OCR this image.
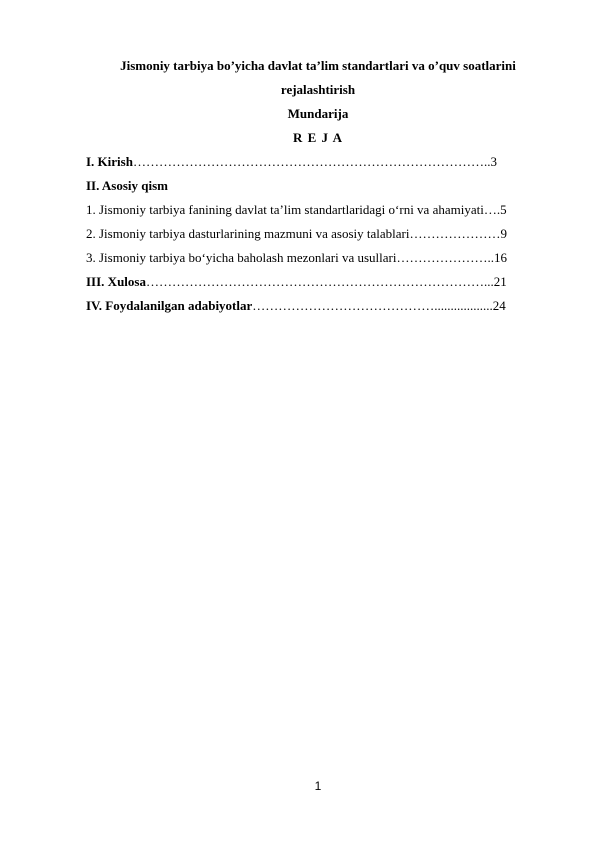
Jismoniy tarbiya bo’yicha davlat ta’lim standartlari va o’quv soatlarini
rejalashtirish
Mundarija
R E J A
I. Kirish ……………………………………………………………………….. 3
II. Asosiy qism
1. Jismoniy tarbiya fanining davlat ta’lim standartlaridagi o‘rni va ahamiyati …. 5
2. Jismoniy tarbiya dasturlarining mazmuni va asosiy talablari ………………… 9
3. Jismoniy tarbiya bo‘yicha baholash mezonlari va usullari ………………….. 16
III. Xulosa ……………………………………………………………………... 21
IV. Foydalanilgan adabiyotlar …………………………………….................. 24
1
